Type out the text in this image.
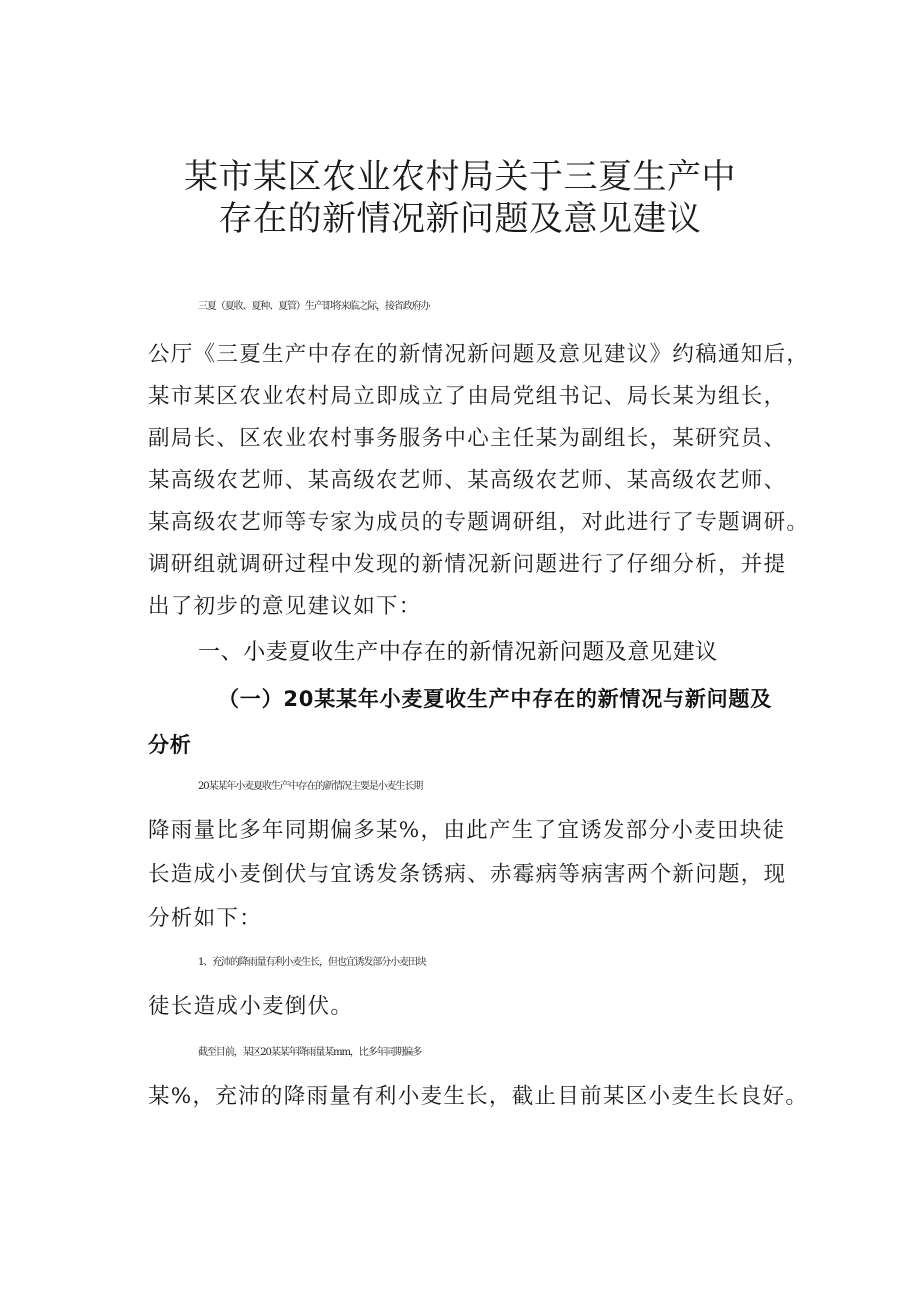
某市某区农业农村局关于三夏生产中
存在的新情况新问题及意见建议
三夏（夏收、夏种、夏管）生产即将来临之际，接省政府办
公厅《三夏生产中存在的新情况新问题及意见建议》约稿通知后，
某市某区农业农村局立即成立了由局党组书记、局长某为组长，
副局长、区农业农村事务服务中心主任某为副组长，某研究员、
某高级农艺师、某高级农艺师、某高级农艺师、某高级农艺师、
某高级农艺师等专家为成员的专题调研组，对此进行了专题调研。
调研组就调研过程中发现的新情况新问题进行了仔细分析，并提
出了初步的意见建议如下：
一、小麦夏收生产中存在的新情况新问题及意见建议
（一）20某某年小麦夏收生产中存在的新情况与新问题及
分析
20某某年小麦夏收生产中存在的新情况主要是小麦生长期
降雨量比多年同期偏多某%，由此产生了宜诱发部分小麦田块徒
长造成小麦倒伏与宜诱发条锈病、赤霉病等病害两个新问题，现
分析如下：
1、充沛的降雨量有利小麦生长，但也宜诱发部分小麦田块
徒长造成小麦倒伏。
截至目前，某区20某某年降雨量某mm，比多年同期偏多
某%，充沛的降雨量有利小麦生长，截止目前某区小麦生长良好。
